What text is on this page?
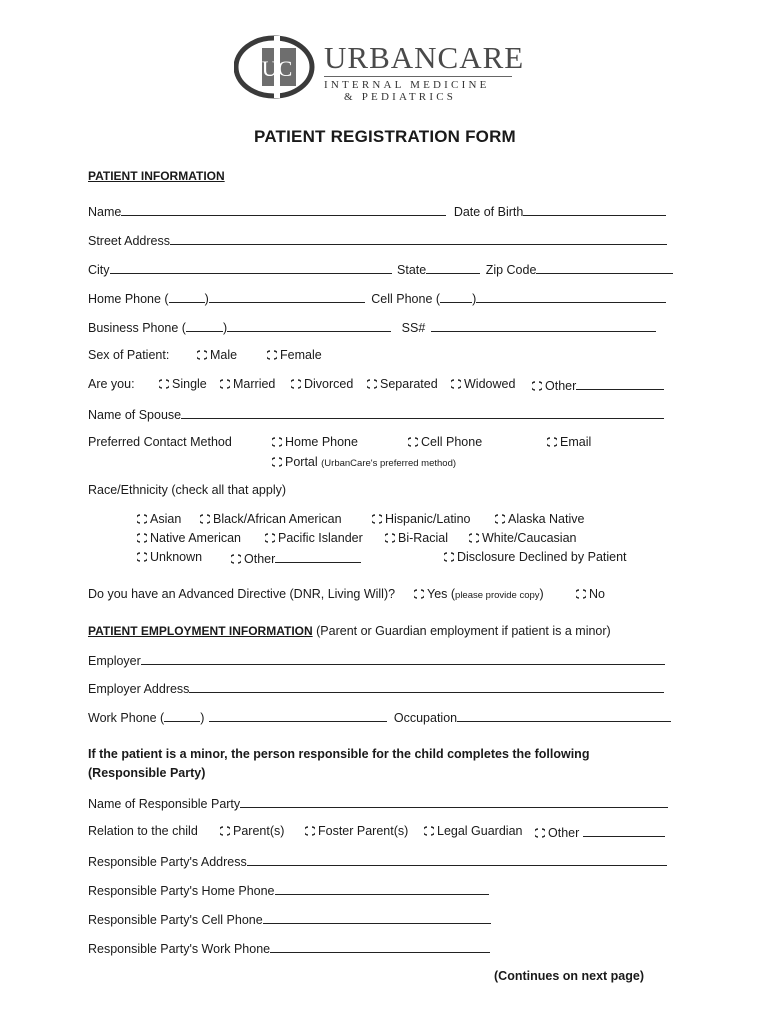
UC URBANCARE
INTERNAL MEDICINE
& PEDIATRICS
PATIENT REGISTRATION FORM
PATIENT INFORMATION
Name	Date of Birth
Street Address
City	State	Zip Code
Home Phone (	)	Cell Phone (	)
Business Phone (	)	SS#
Sex of Patient:	Male	Female
Are you:	Single	Married	Divorced	Separated	Widowed	Other
Name of Spouse
Preferred Contact Method	Home Phone	Cell Phone	Email
Portal (UrbanCare's preferred method)
Race/Ethnicity (check all that apply)
Asian	Black/African American	Hispanic/Latino	Alaska Native
Native American	Pacific Islander	Bi-Racial	White/Caucasian
Unknown	Other	Disclosure Declined by Patient
Do you have an Advanced Directive (DNR, Living Will)?	Yes (please provide copy)	No
PATIENT EMPLOYMENT INFORMATION (Parent or Guardian employment if patient is a minor)
Employer
Employer Address
Work Phone (	)	Occupation
If the patient is a minor, the person responsible for the child completes the following
(Responsible Party)
Name of Responsible Party
Relation to the child	Parent(s)	Foster Parent(s)	Legal Guardian	Other
Responsible Party's Address
Responsible Party's Home Phone
Responsible Party's Cell Phone
Responsible Party's Work Phone
(Continues on next page)
